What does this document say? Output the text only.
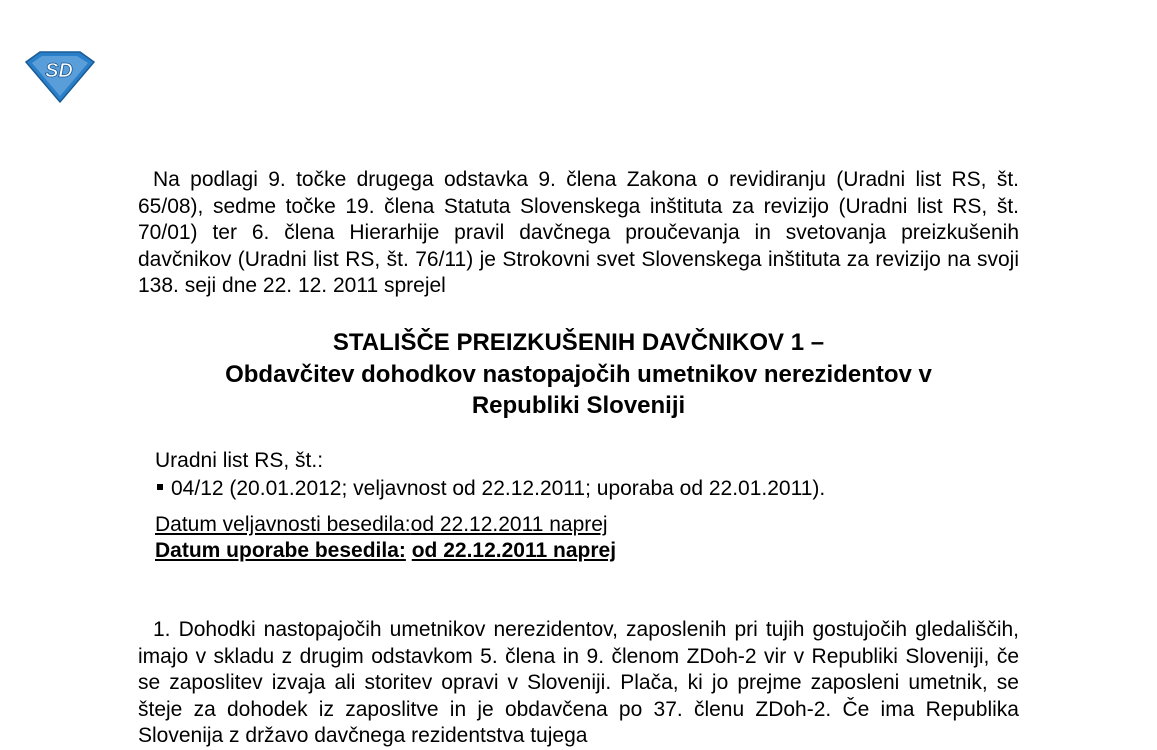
SD

Na podlagi 9. točke drugega odstavka 9. člena Zakona o revidiranju (Uradni list RS, št. 65/08), sedme točke 19. člena Statuta Slovenskega inštituta za revizijo (Uradni list RS, št. 70/01) ter 6. člena Hierarhije pravil davčnega proučevanja in svetovanja preizkušenih davčnikov (Uradni list RS, št. 76/11) je Strokovni svet Slovenskega inštituta za revizijo na svoji 138. seji dne 22. 12. 2011 sprejel

STALIŠČE PREIZKUŠENIH DAVČNIKOV 1 –
Obdavčitev dohodkov nastopajočih umetnikov nerezidentov v
Republiki Sloveniji
Uradni list RS, št.:
04/12 (20.01.2012; veljavnost od 22.12.2011; uporaba od 22.01.2011).
Datum veljavnosti besedila:od 22.12.2011 naprej
Datum uporabe besedila: od 22.12.2011 naprej

1. Dohodki nastopajočih umetnikov nerezidentov, zaposlenih pri tujih gostujočih gledališčih, imajo v skladu z drugim odstavkom 5. člena in 9. členom ZDoh-2 vir v Republiki Sloveniji, če se zaposlitev izvaja ali storitev opravi v Sloveniji. Plača, ki jo prejme zaposleni umetnik, se šteje za dohodek iz zaposlitve in je obdavčena po 37. členu ZDoh-2. Če ima Republika Slovenija z državo davčnega rezidentstva tujega
